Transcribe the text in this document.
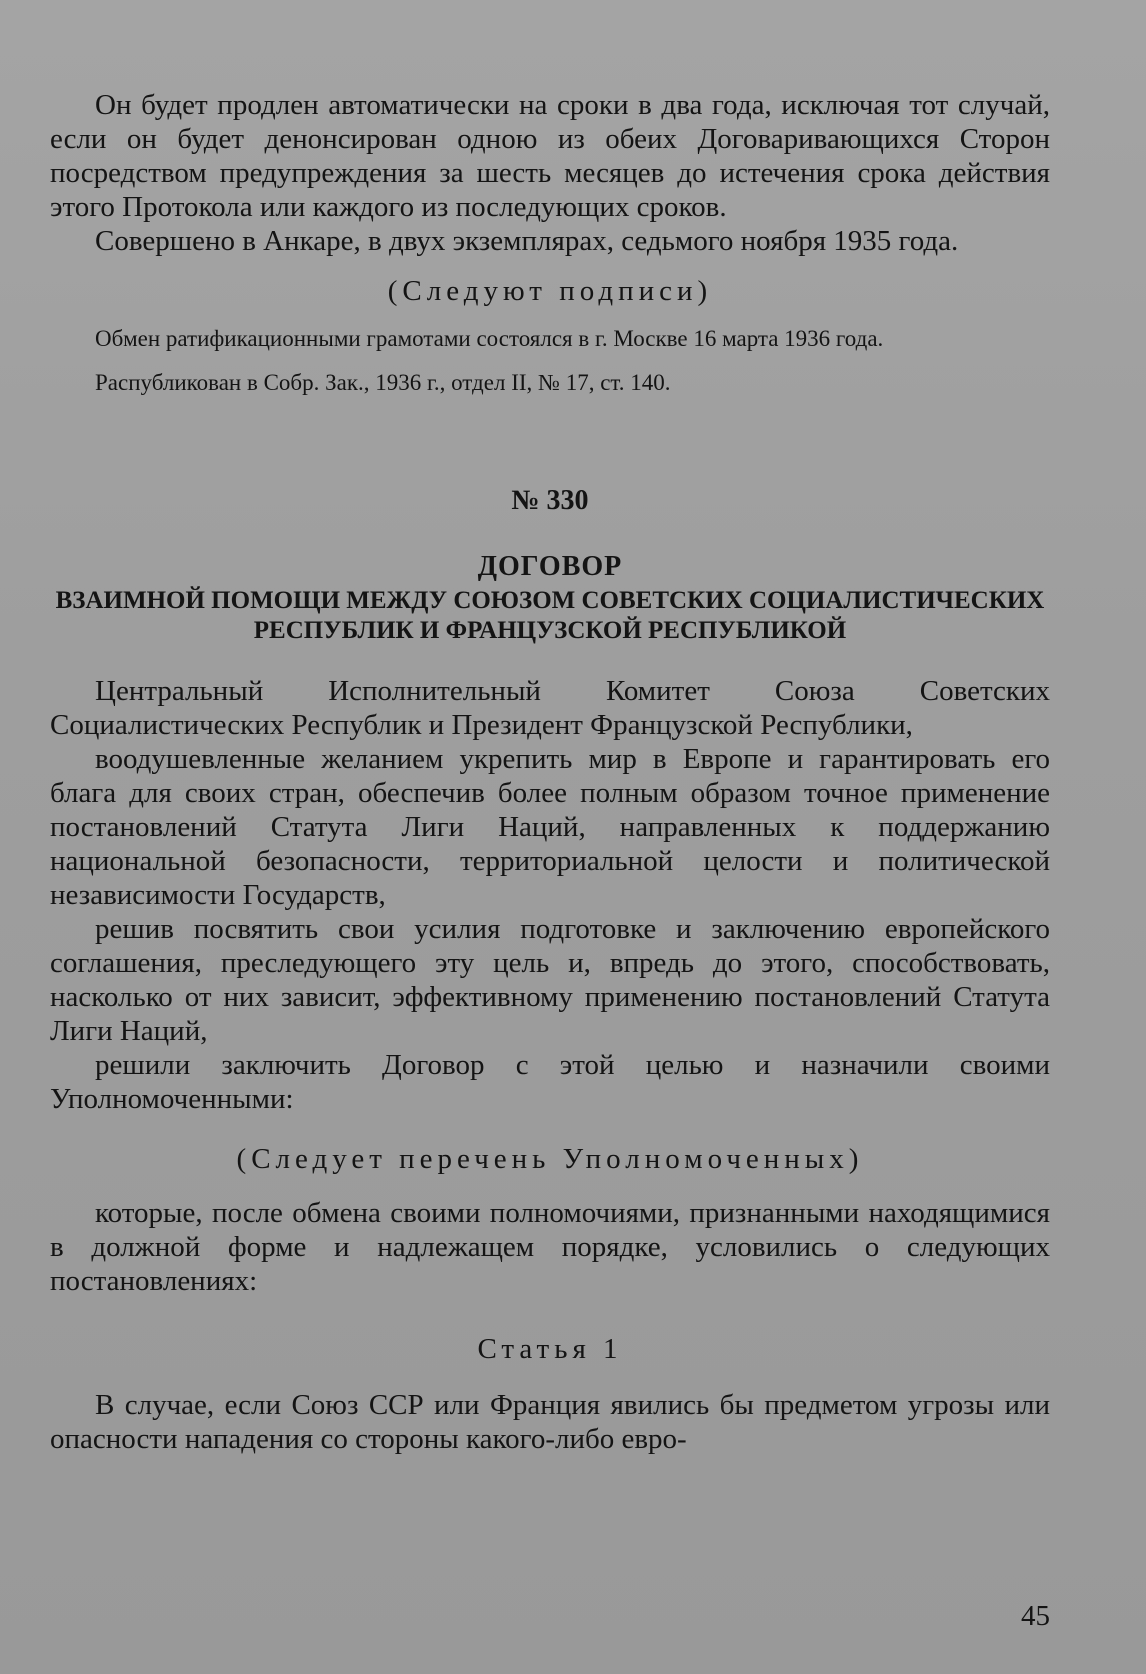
Он будет продлен автоматически на сроки в два года, исключая тот случай, если он будет денонсирован одною из обеих Договаривающихся Сторон посредством предупреждения за шесть месяцев до истечения срока действия этого Протокола или каждого из последующих сроков.

Совершено в Анкаре, в двух экземплярах, седьмого ноября 1935 года.

(Следуют подписи)

Обмен ратификационными грамотами состоялся в г. Москве 16 марта 1936 года.

Распубликован в Собр. Зак., 1936 г., отдел II, № 17, ст. 140.

№ 330

ДОГОВОР

ВЗАИМНОЙ ПОМОЩИ МЕЖДУ СОЮЗОМ СОВЕТСКИХ СОЦИАЛИСТИЧЕСКИХ РЕСПУБЛИК И ФРАНЦУЗСКОЙ РЕСПУБЛИКОЙ

Центральный Исполнительный Комитет Союза Советских Социалистических Республик и Президент Французской Республики,

воодушевленные желанием укрепить мир в Европе и гарантировать его блага для своих стран, обеспечив более полным образом точное применение постановлений Статута Лиги Наций, направленных к поддержанию национальной безопасности, территориальной целости и политической независимости Государств,

решив посвятить свои усилия подготовке и заключению европейского соглашения, преследующего эту цель и, впредь до этого, способствовать, насколько от них зависит, эффективному применению постановлений Статута Лиги Наций,

решили заключить Договор с этой целью и назначили своими Уполномоченными:

(Следует перечень Уполномоченных)

которые, после обмена своими полномочиями, признанными находящимися в должной форме и надлежащем порядке, условились о следующих постановлениях:

Статья 1

В случае, если Союз ССР или Франция явились бы предметом угрозы или опасности нападения со стороны какого-либо евро-

45
